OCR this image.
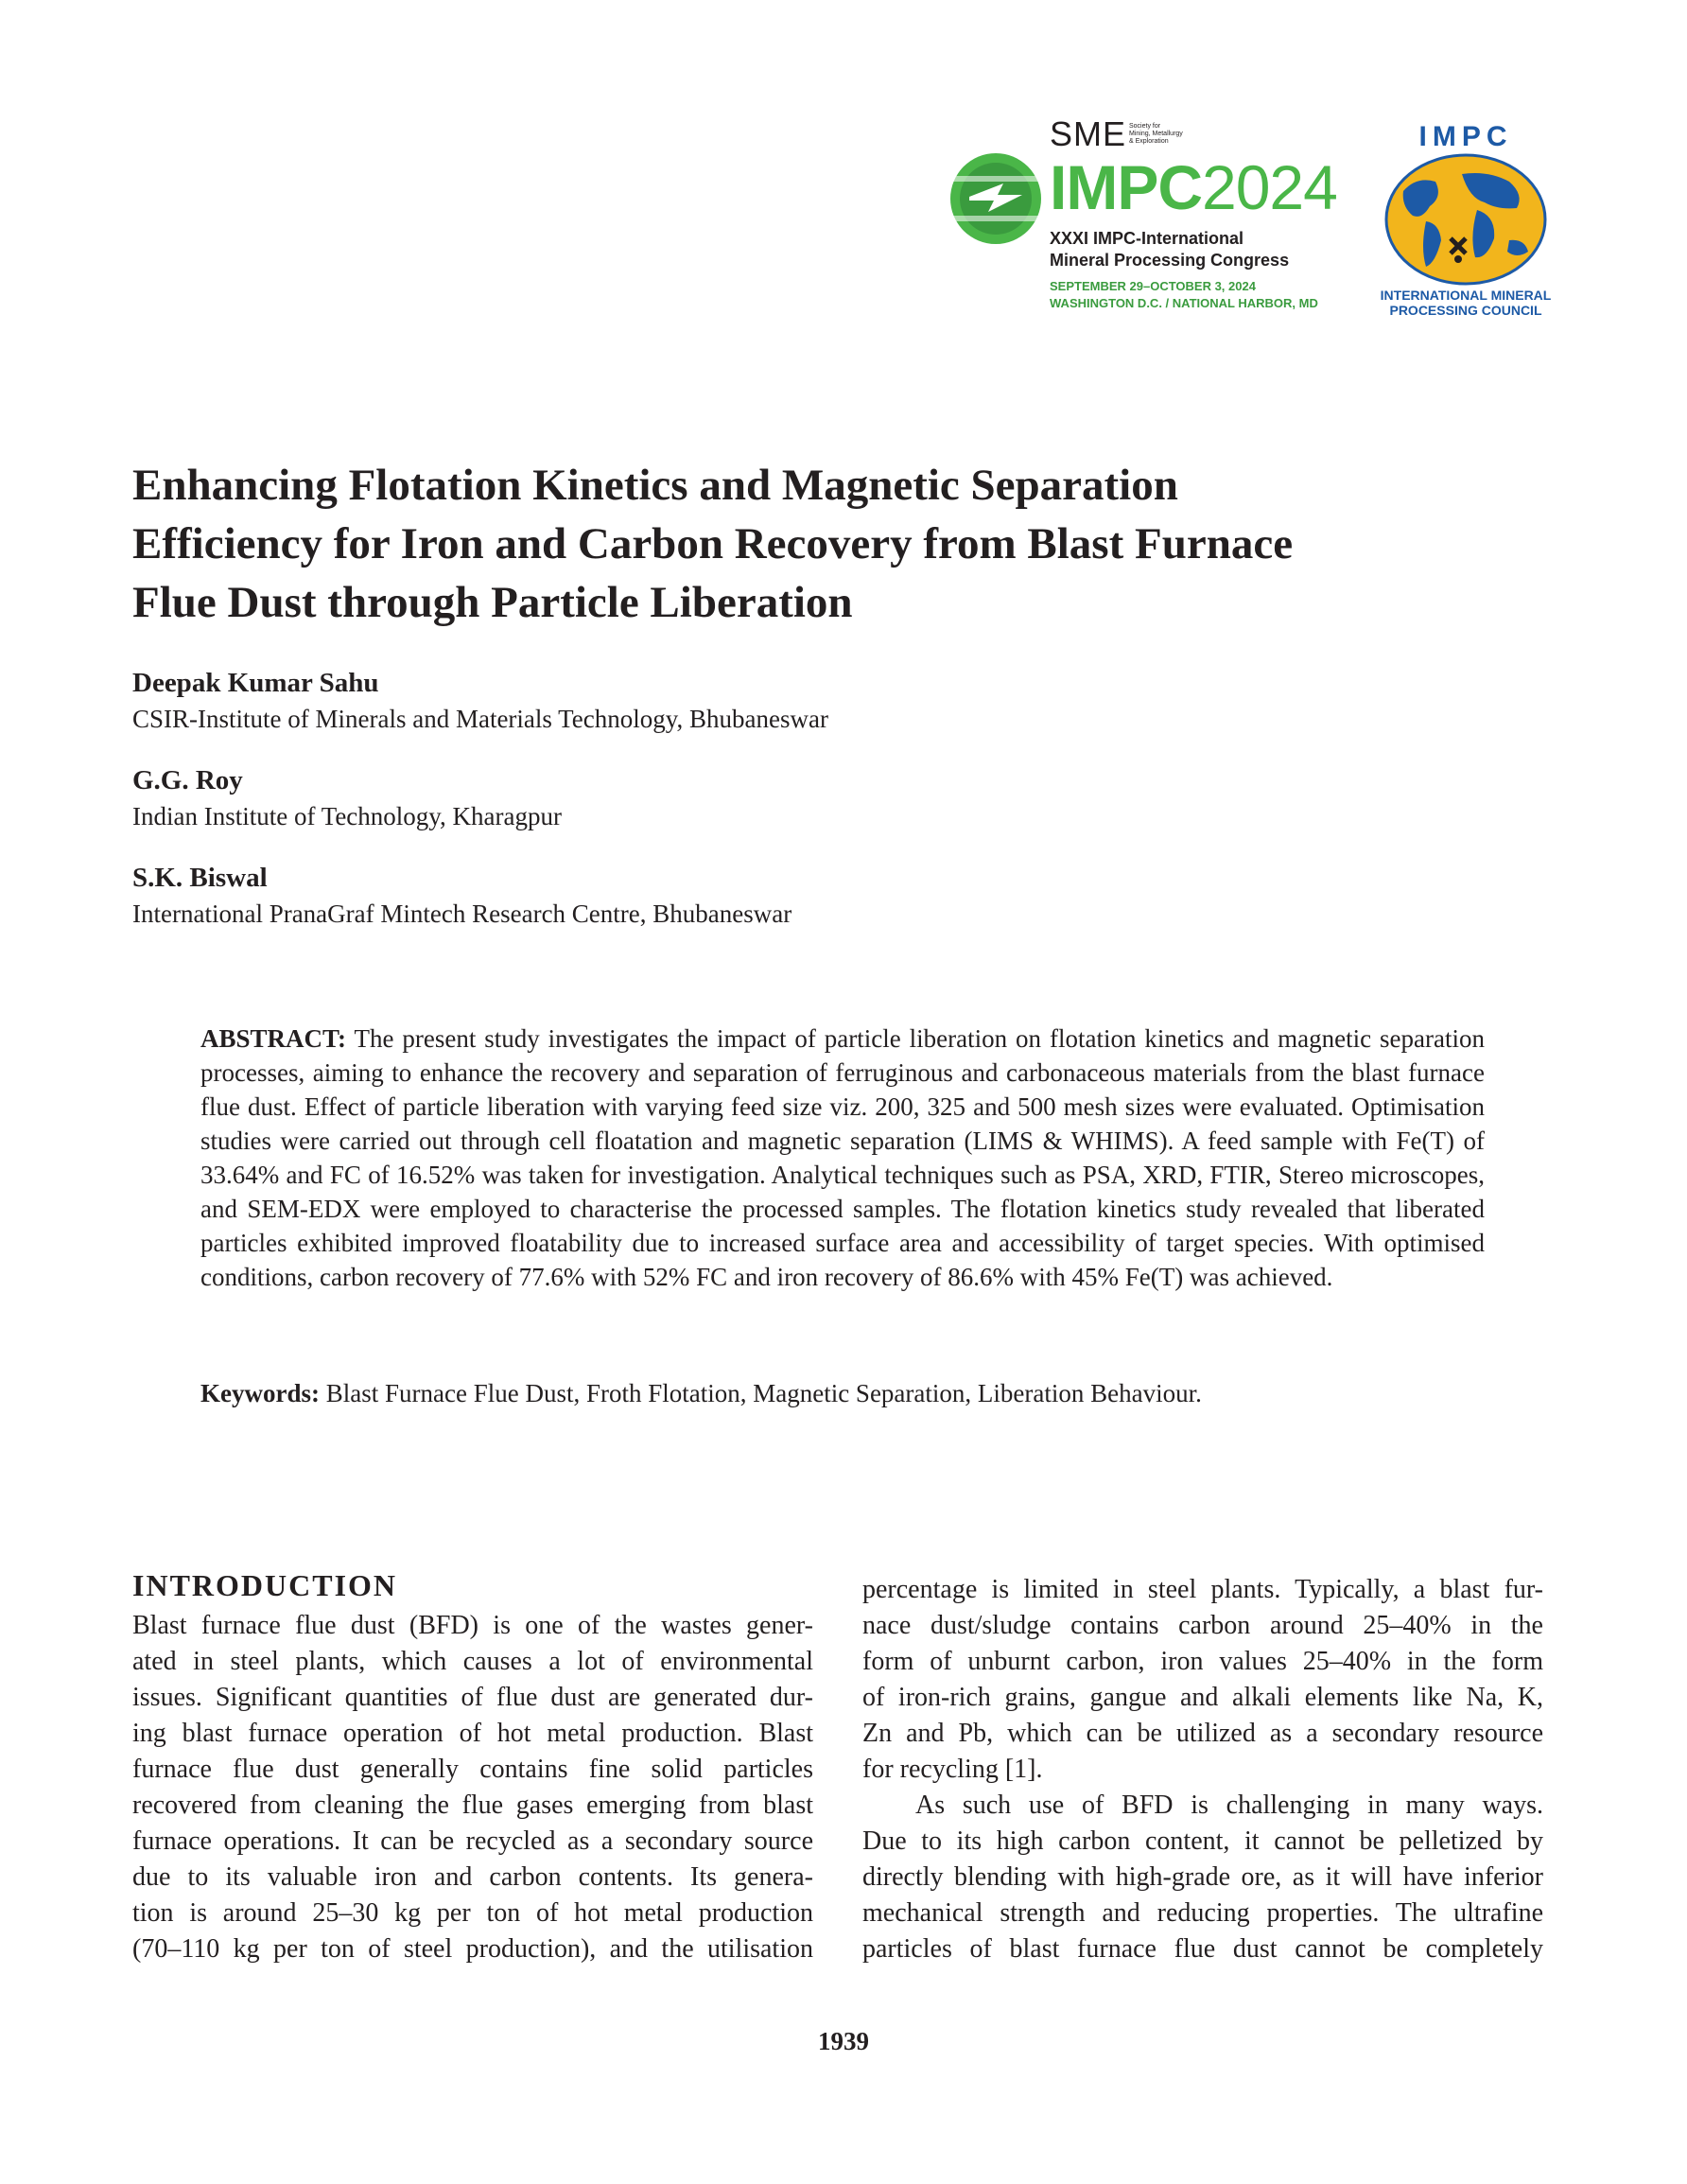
SME Society for
Mining, Metallurgy
& Exploration
IMPC2024
XXXI IMPC-International
Mineral Processing Congress
SEPTEMBER 29–OCTOBER 3, 2024
WASHINGTON D.C. / NATIONAL HARBOR, MD
IMPC
INTERNATIONAL MINERAL
PROCESSING COUNCIL
Enhancing Flotation Kinetics and Magnetic Separation
Efficiency for Iron and Carbon Recovery from Blast Furnace
Flue Dust through Particle Liberation
Deepak Kumar Sahu
CSIR-Institute of Minerals and Materials Technology, Bhubaneswar
G.G. Roy
Indian Institute of Technology, Kharagpur
S.K. Biswal
International PranaGraf Mintech Research Centre, Bhubaneswar
ABSTRACT: The present study investigates the impact of particle liberation on flotation kinetics and magnetic separation processes, aiming to enhance the recovery and separation of ferruginous and carbonaceous materials from the blast furnace flue dust. Effect of particle liberation with varying feed size viz. 200, 325 and 500 mesh sizes were evaluated. Optimisation studies were carried out through cell floatation and magnetic separation (LIMS & WHIMS). A feed sample with Fe(T) of 33.64% and FC of 16.52% was taken for investigation. Analytical techniques such as PSA, XRD, FTIR, Stereo microscopes, and SEM-EDX were employed to characterise the processed samples. The flotation kinetics study revealed that liberated particles exhibited improved floatability due to increased surface area and accessibility of target species. With optimised conditions, carbon recovery of 77.6% with 52% FC and iron recovery of 86.6% with 45% Fe(T) was achieved.
Keywords: Blast Furnace Flue Dust, Froth Flotation, Magnetic Separation, Liberation Behaviour.
INTRODUCTION
Blast furnace flue dust (BFD) is one of the wastes gener-
ated in steel plants, which causes a lot of environmental
issues. Significant quantities of flue dust are generated dur-
ing blast furnace operation of hot metal production. Blast
furnace flue dust generally contains fine solid particles
recovered from cleaning the flue gases emerging from blast
furnace operations. It can be recycled as a secondary source
due to its valuable iron and carbon contents. Its genera-
tion is around 25–30 kg per ton of hot metal production
(70–110 kg per ton of steel production), and the utilisation
percentage is limited in steel plants. Typically, a blast fur-
nace dust/sludge contains carbon around 25–40% in the
form of unburnt carbon, iron values 25–40% in the form
of iron-rich grains, gangue and alkali elements like Na, K,
Zn and Pb, which can be utilized as a secondary resource
for recycling [1].
As such use of BFD is challenging in many ways.
Due to its high carbon content, it cannot be pelletized by
directly blending with high-grade ore, as it will have inferior
mechanical strength and reducing properties. The ultrafine
particles of blast furnace flue dust cannot be completely
1939
